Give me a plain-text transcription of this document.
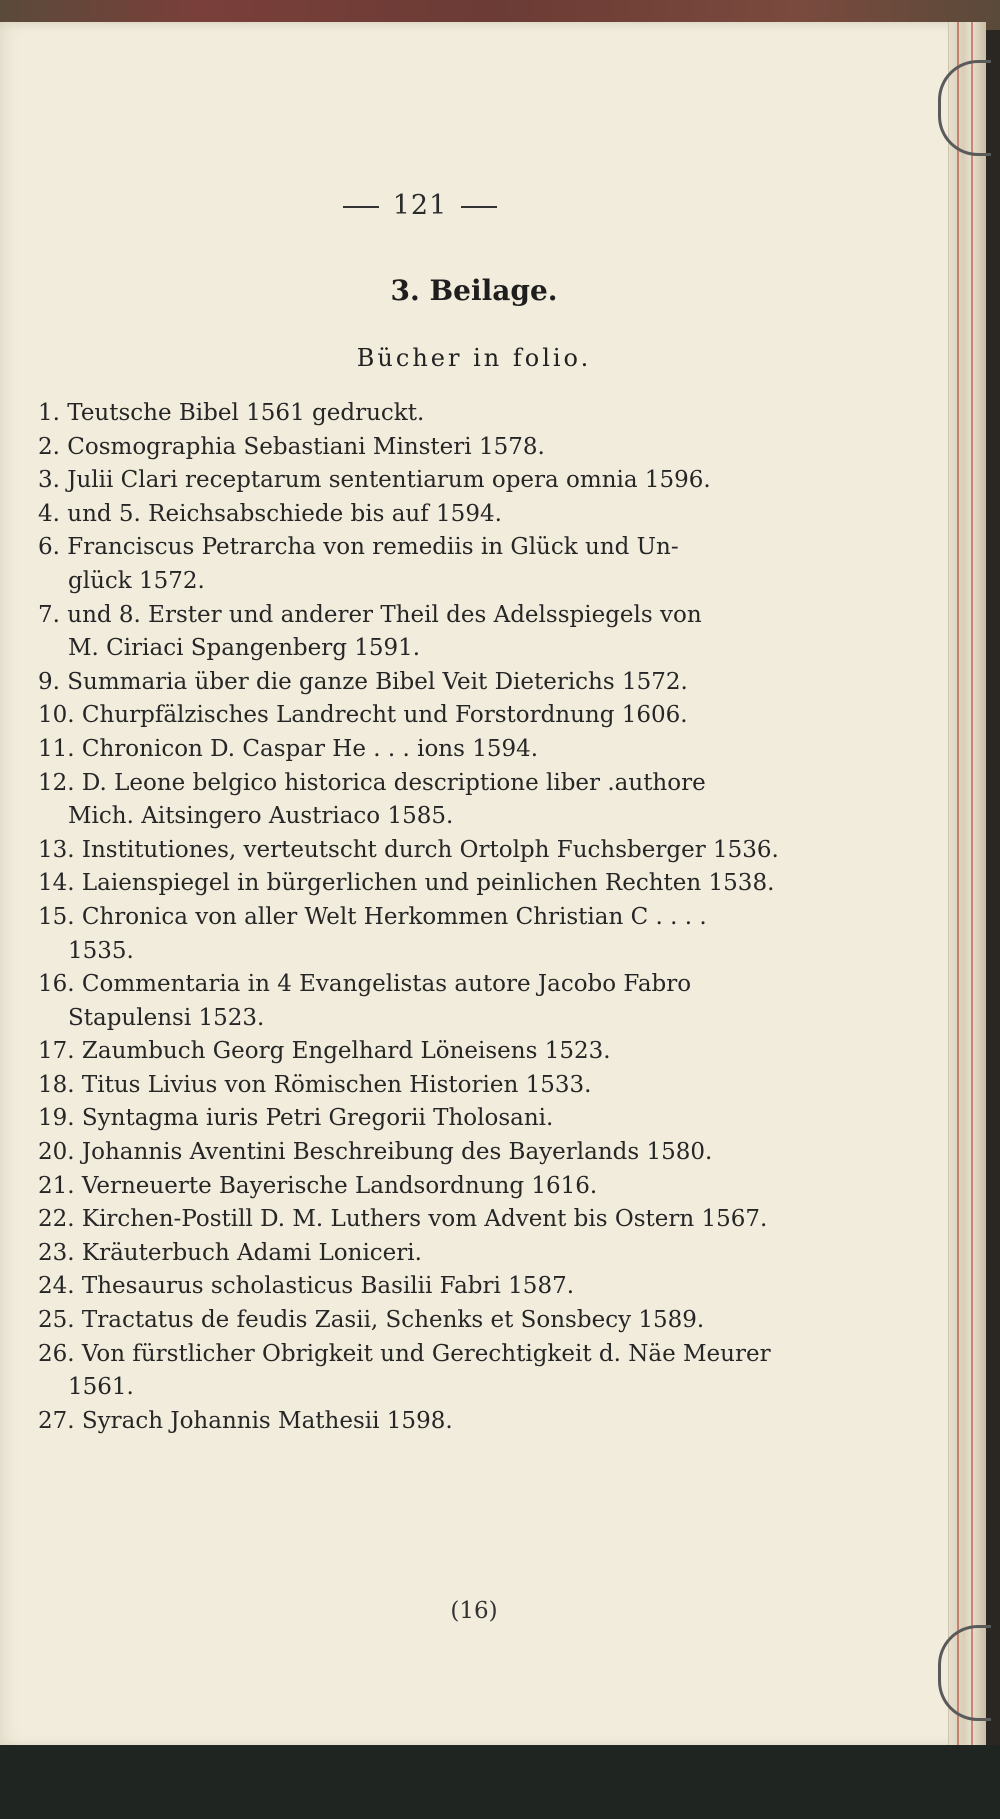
121
3. Beilage.
Bücher in folio.
1. Teutsche Bibel 1561 gedruckt.
2. Cosmographia Sebastiani Minsteri 1578.
3. Julii Clari receptarum sententiarum opera omnia 1596.
4. und 5. Reichsabschiede bis auf 1594.
6. Franciscus Petrarcha von remediis in Glück und Un-
glück 1572.
7. und 8. Erster und anderer Theil des Adelsspiegels von
M. Ciriaci Spangenberg 1591.
9. Summaria über die ganze Bibel Veit Dieterichs 1572.
10. Churpfälzisches Landrecht und Forstordnung 1606.
11. Chronicon D. Caspar He . . . ions 1594.
12. D. Leone belgico historica descriptione liber .authore
Mich. Aitsingero Austriaco 1585.
13. Institutiones, verteutscht durch Ortolph Fuchsberger 1536.
14. Laienspiegel in bürgerlichen und peinlichen Rechten 1538.
15. Chronica von aller Welt Herkommen Christian C . . . .
1535.
16. Commentaria in 4 Evangelistas autore Jacobo Fabro
Stapulensi 1523.
17. Zaumbuch Georg Engelhard Löneisens 1523.
18. Titus Livius von Römischen Historien 1533.
19. Syntagma iuris Petri Gregorii Tholosani.
20. Johannis Aventini Beschreibung des Bayerlands 1580.
21. Verneuerte Bayerische Landsordnung 1616.
22. Kirchen-Postill D. M. Luthers vom Advent bis Ostern 1567.
23. Kräuterbuch Adami Loniceri.
24. Thesaurus scholasticus Basilii Fabri 1587.
25. Tractatus de feudis Zasii, Schenks et Sonsbecy 1589.
26. Von fürstlicher Obrigkeit und Gerechtigkeit d. Näe Meurer
1561.
27. Syrach Johannis Mathesii 1598.
(16)
